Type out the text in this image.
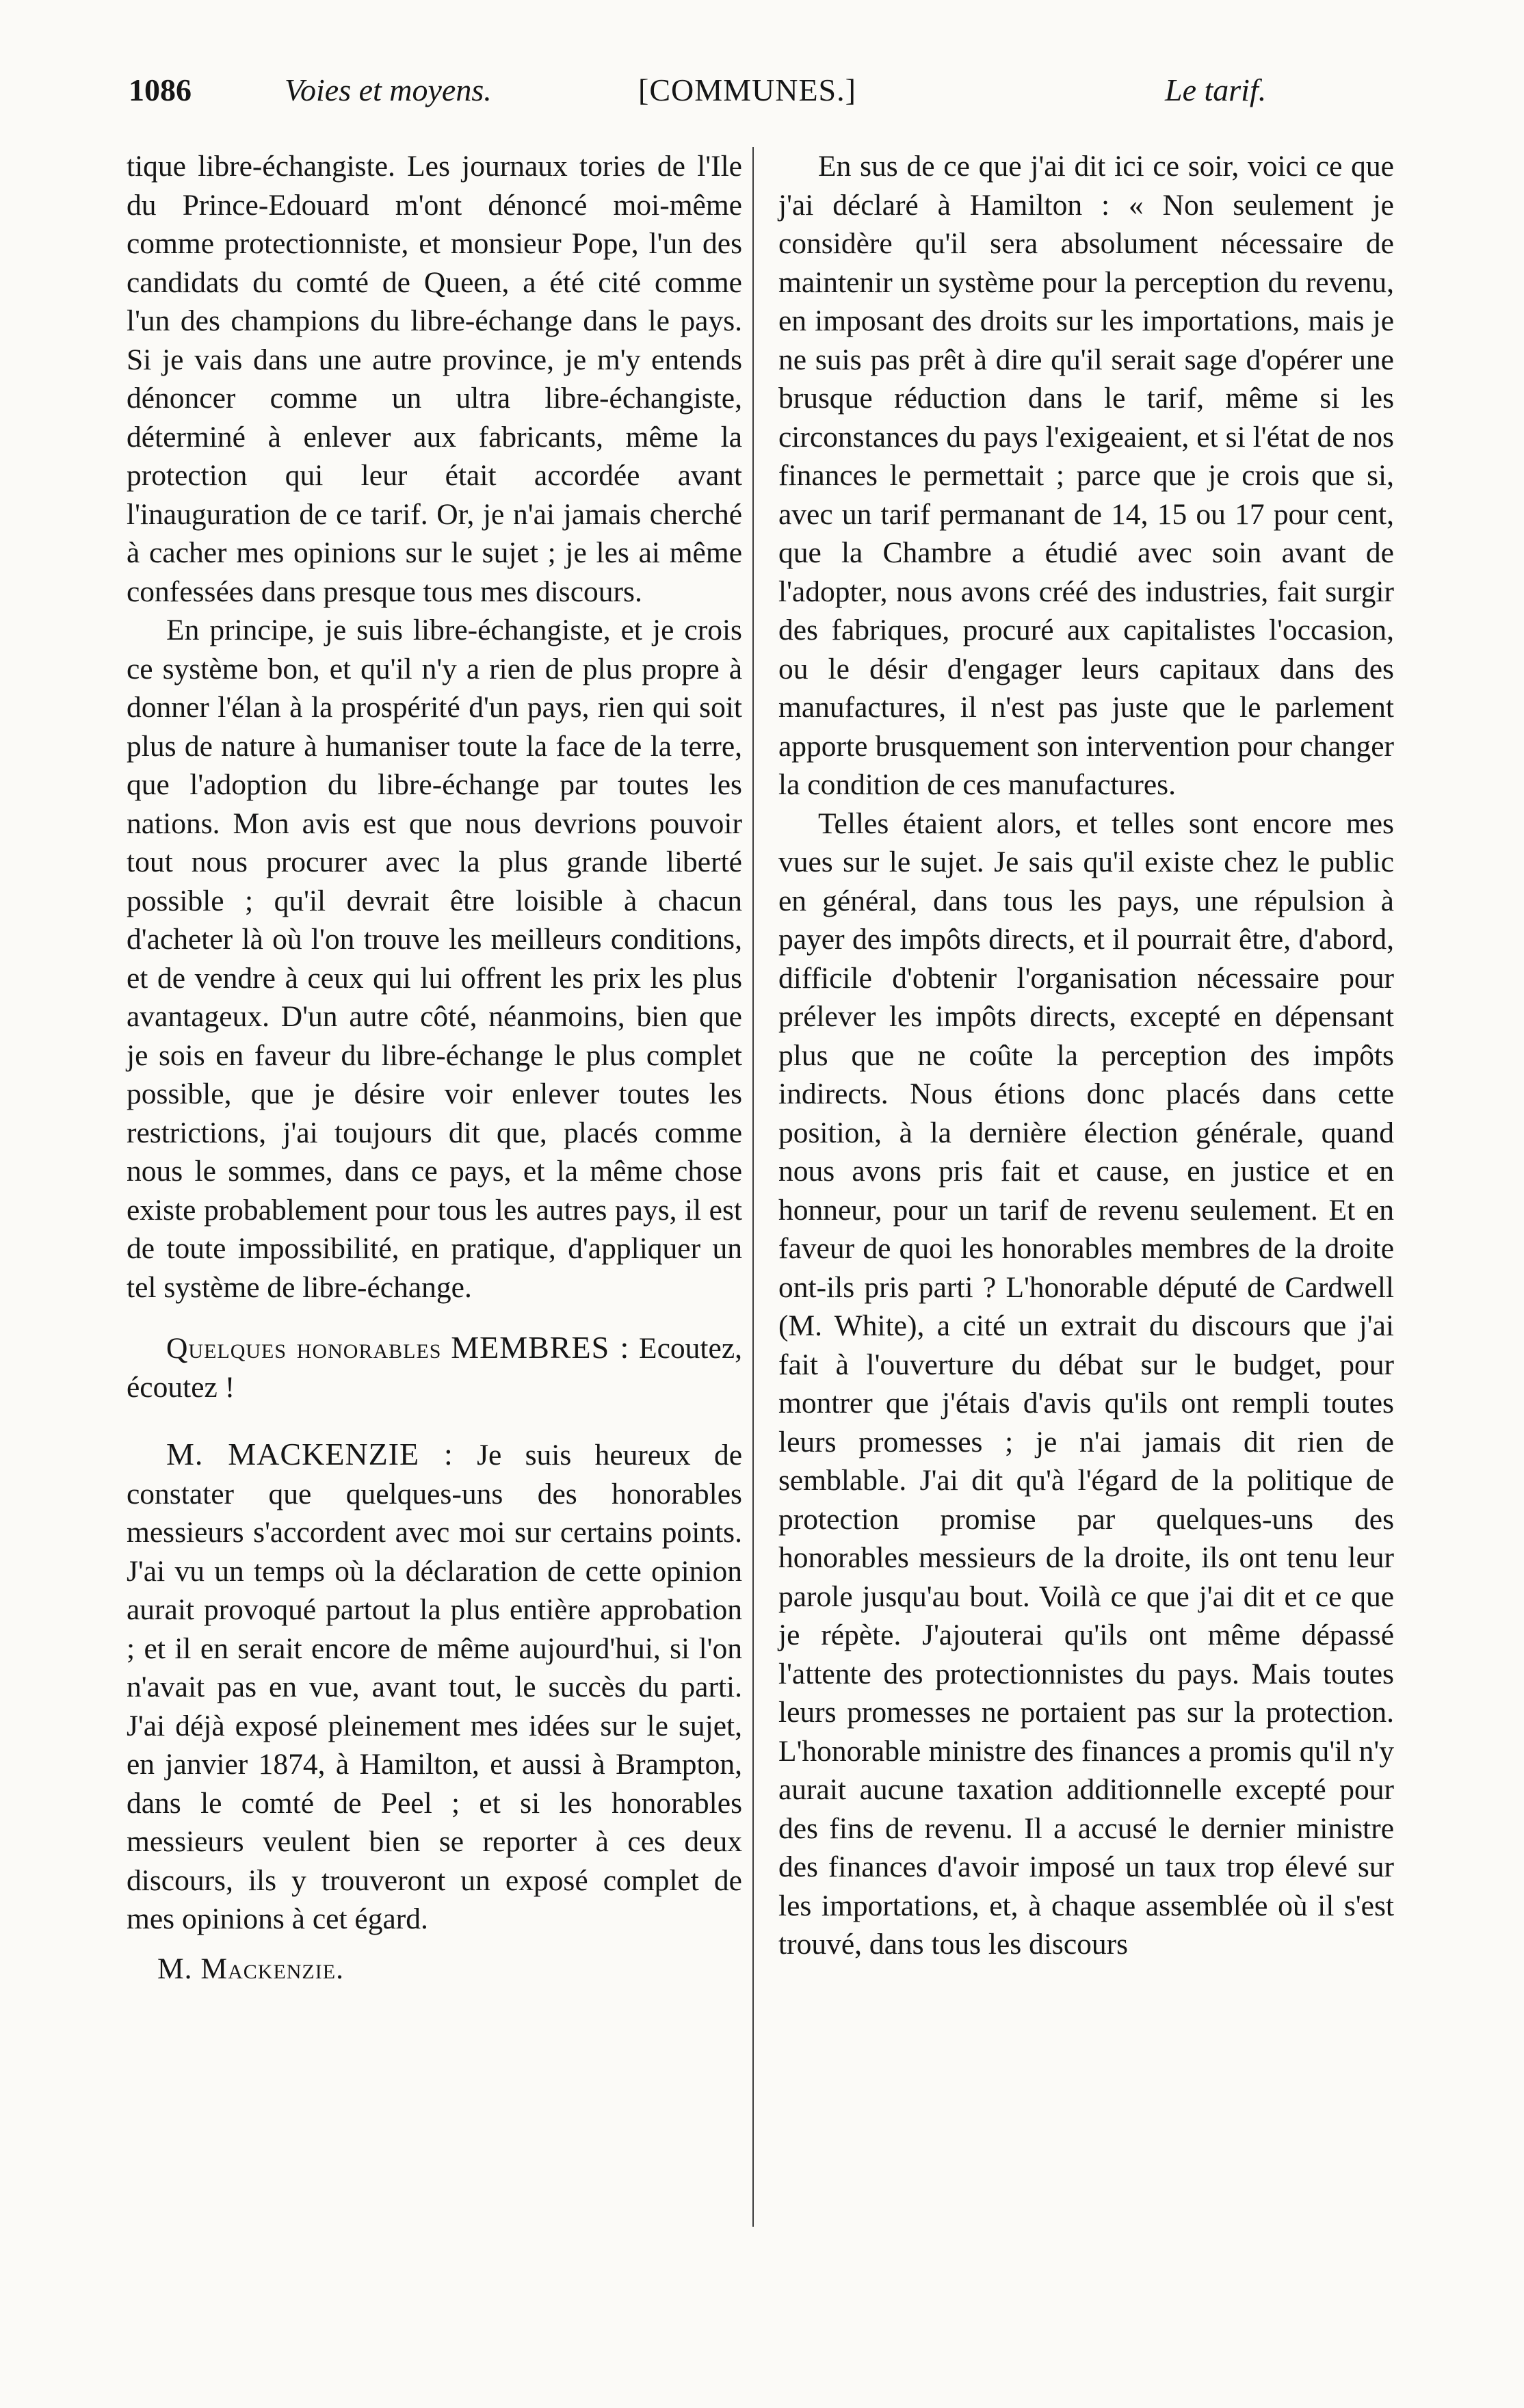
1086	Voies et moyens.	[COMMUNES.]	Le tarif.

tique libre-échangiste. Les journaux tories de l'Ile du Prince-Edouard m'ont dénoncé moi-même comme protectionniste, et monsieur Pope, l'un des candidats du comté de Queen, a été cité comme l'un des champions du libre-échange dans le pays. Si je vais dans une autre province, je m'y entends dénoncer comme un ultra libre-échangiste, déterminé à enlever aux fabricants, même la protection qui leur était accordée avant l'inauguration de ce tarif. Or, je n'ai jamais cherché à cacher mes opinions sur le sujet ; je les ai même confessées dans presque tous mes discours.

En principe, je suis libre-échangiste, et je crois ce système bon, et qu'il n'y a rien de plus propre à donner l'élan à la prospérité d'un pays, rien qui soit plus de nature à humaniser toute la face de la terre, que l'adoption du libre-échange par toutes les nations. Mon avis est que nous devrions pouvoir tout nous procurer avec la plus grande liberté possible ; qu'il devrait être loisible à chacun d'acheter là où l'on trouve les meilleurs conditions, et de vendre à ceux qui lui offrent les prix les plus avantageux. D'un autre côté, néanmoins, bien que je sois en faveur du libre-échange le plus complet possible, que je désire voir enlever toutes les restrictions, j'ai toujours dit que, placés comme nous le sommes, dans ce pays, et la même chose existe probablement pour tous les autres pays, il est de toute impossibilité, en pratique, d'appliquer un tel système de libre-échange.

Quelques honorables MEMBRES : Ecoutez, écoutez !

M. MACKENZIE : Je suis heureux de constater que quelques-uns des honorables messieurs s'accordent avec moi sur certains points. J'ai vu un temps où la déclaration de cette opinion aurait provoqué partout la plus entière approbation ; et il en serait encore de même aujourd'hui, si l'on n'avait pas en vue, avant tout, le succès du parti. J'ai déjà exposé pleinement mes idées sur le sujet, en janvier 1874, à Hamilton, et aussi à Brampton, dans le comté de Peel ; et si les honorables messieurs veulent bien se reporter à ces deux discours, ils y trouveront un exposé complet de mes opinions à cet égard.

M. Mackenzie.

En sus de ce que j'ai dit ici ce soir, voici ce que j'ai déclaré à Hamilton : « Non seulement je considère qu'il sera absolument nécessaire de maintenir un système pour la perception du revenu, en imposant des droits sur les importations, mais je ne suis pas prêt à dire qu'il serait sage d'opérer une brusque réduction dans le tarif, même si les circonstances du pays l'exigeaient, et si l'état de nos finances le permettait ; parce que je crois que si, avec un tarif permanant de 14, 15 ou 17 pour cent, que la Chambre a étudié avec soin avant de l'adopter, nous avons créé des industries, fait surgir des fabriques, procuré aux capitalistes l'occasion, ou le désir d'engager leurs capitaux dans des manufactures, il n'est pas juste que le parlement apporte brusquement son intervention pour changer la condition de ces manufactures.

Telles étaient alors, et telles sont encore mes vues sur le sujet. Je sais qu'il existe chez le public en général, dans tous les pays, une répulsion à payer des impôts directs, et il pourrait être, d'abord, difficile d'obtenir l'organisation nécessaire pour prélever les impôts directs, excepté en dépensant plus que ne coûte la perception des impôts indirects. Nous étions donc placés dans cette position, à la dernière élection générale, quand nous avons pris fait et cause, en justice et en honneur, pour un tarif de revenu seulement. Et en faveur de quoi les honorables membres de la droite ont-ils pris parti ? L'honorable député de Cardwell (M. White), a cité un extrait du discours que j'ai fait à l'ouverture du débat sur le budget, pour montrer que j'étais d'avis qu'ils ont rempli toutes leurs promesses ; je n'ai jamais dit rien de semblable. J'ai dit qu'à l'égard de la politique de protection promise par quelques-uns des honorables messieurs de la droite, ils ont tenu leur parole jusqu'au bout. Voilà ce que j'ai dit et ce que je répète. J'ajouterai qu'ils ont même dépassé l'attente des protectionnistes du pays. Mais toutes leurs promesses ne portaient pas sur la protection. L'honorable ministre des finances a promis qu'il n'y aurait aucune taxation additionnelle excepté pour des fins de revenu. Il a accusé le dernier ministre des finances d'avoir imposé un taux trop élevé sur les importations, et, à chaque assemblée où il s'est trouvé, dans tous les discours
